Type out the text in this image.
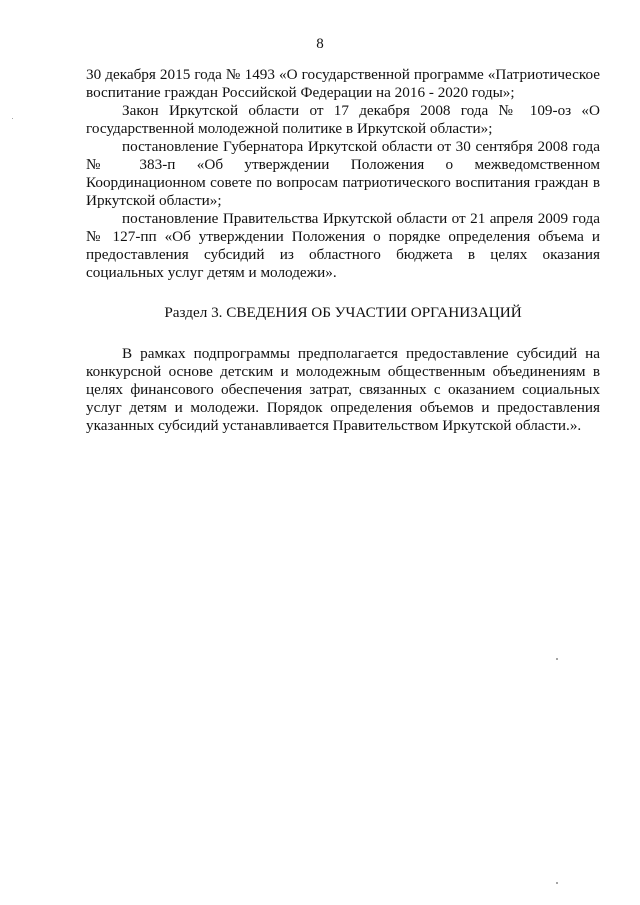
8

30 декабря 2015 года № 1493 «О государственной программе «Патриотическое воспитание граждан Российской Федерации на 2016 - 2020 годы»;

Закон Иркутской области от 17 декабря 2008 года № 109-оз «О государственной молодежной политике в Иркутской области»;

постановление Губернатора Иркутской области от 30 сентября 2008 года № 383-п «Об утверждении Положения о межведомственном Координационном совете по вопросам патриотического воспитания граждан в Иркутской области»;

постановление Правительства Иркутской области от 21 апреля 2009 года № 127-пп «Об утверждении Положения о порядке определения объема и предоставления субсидий из областного бюджета в целях оказания социальных услуг детям и молодежи».

Раздел 3. СВЕДЕНИЯ ОБ УЧАСТИИ ОРГАНИЗАЦИЙ

В рамках подпрограммы предполагается предоставление субсидий на конкурсной основе детским и молодежным общественным объединениям в целях финансового обеспечения затрат, связанных с оказанием социальных услуг детям и молодежи. Порядок определения объемов и предоставления указанных субсидий устанавливается Правительством Иркутской области.».
